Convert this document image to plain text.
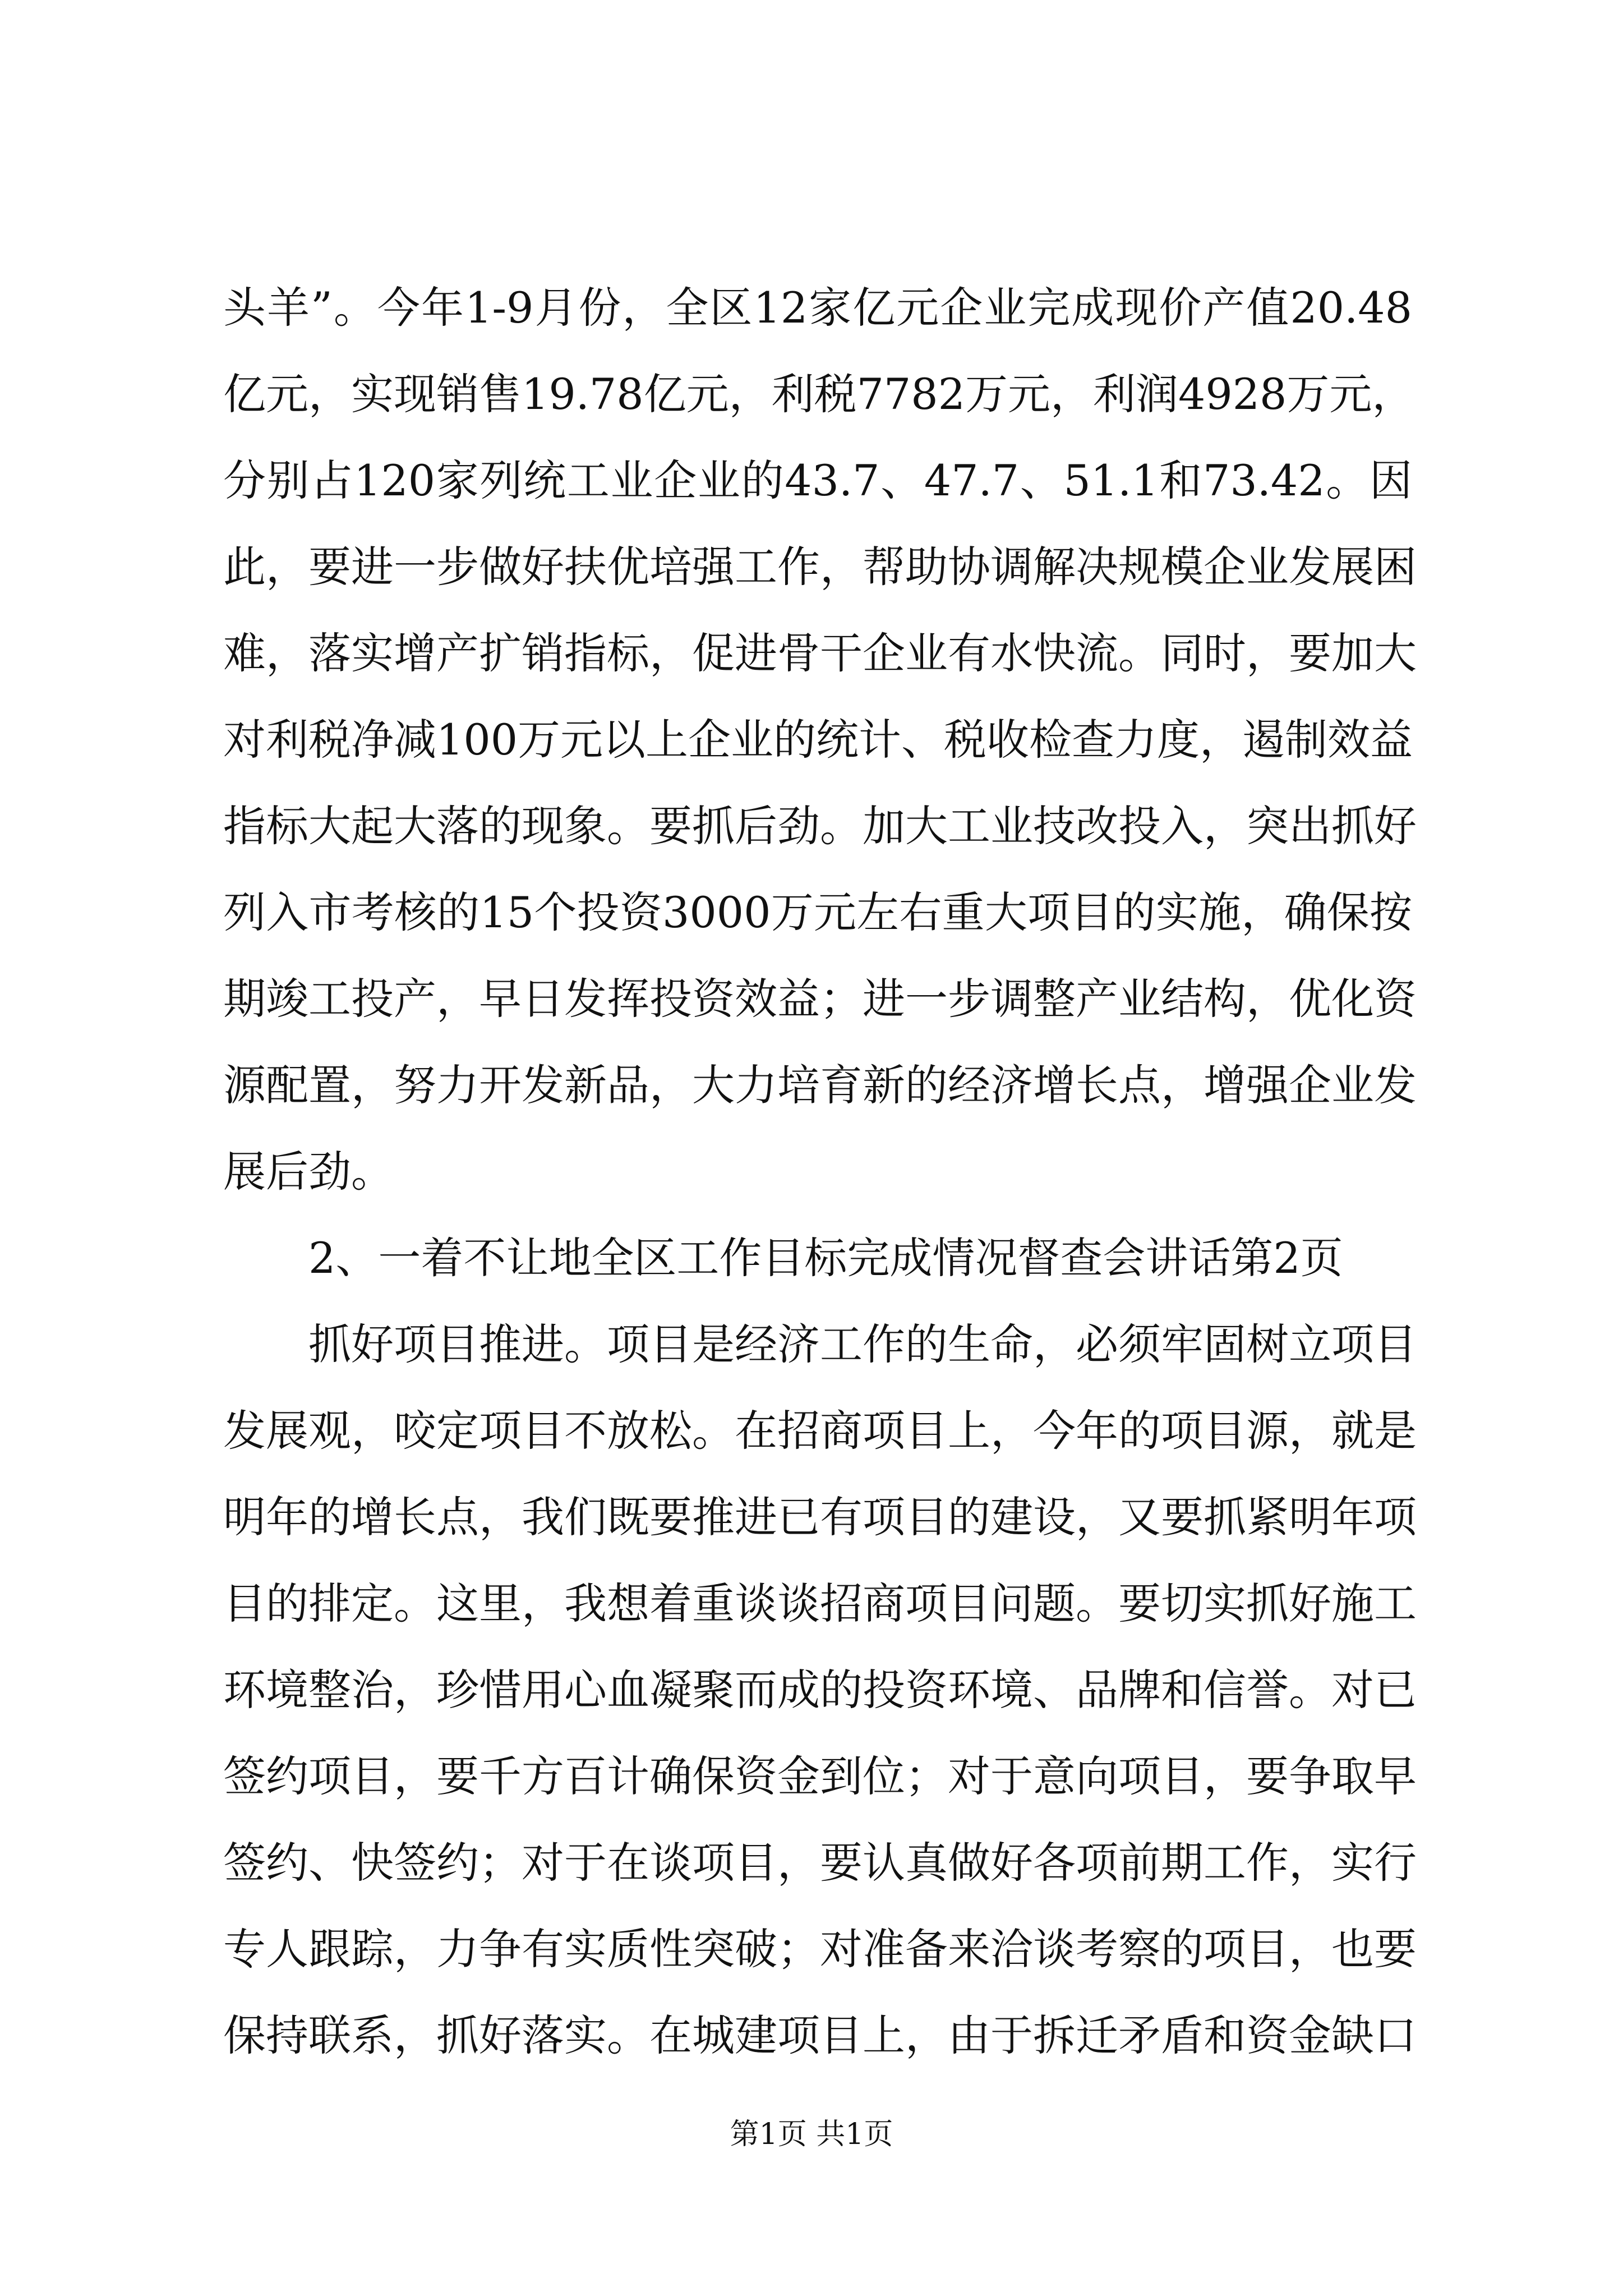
头羊”。今年1-9月份，全区12家亿元企业完成现价产值20.48
亿元，实现销售19.78亿元，利税7782万元，利润4928万元，
分别占120家列统工业企业的43.7、47.7、51.1和73.42。因
此，要进一步做好扶优培强工作，帮助协调解决规模企业发展困
难，落实增产扩销指标，促进骨干企业有水快流。同时，要加大
对利税净减100万元以上企业的统计、税收检查力度，遏制效益
指标大起大落的现象。要抓后劲。加大工业技改投入，突出抓好
列入市考核的15个投资3000万元左右重大项目的实施，确保按
期竣工投产，早日发挥投资效益；进一步调整产业结构，优化资
源配置，努力开发新品，大力培育新的经济增长点，增强企业发
展后劲。
2、一着不让地全区工作目标完成情况督查会讲话第2页
抓好项目推进。项目是经济工作的生命，必须牢固树立项目
发展观，咬定项目不放松。在招商项目上，今年的项目源，就是
明年的增长点，我们既要推进已有项目的建设，又要抓紧明年项
目的排定。这里，我想着重谈谈招商项目问题。要切实抓好施工
环境整治，珍惜用心血凝聚而成的投资环境、品牌和信誉。对已
签约项目，要千方百计确保资金到位；对于意向项目，要争取早
签约、快签约；对于在谈项目，要认真做好各项前期工作，实行
专人跟踪，力争有实质性突破；对准备来洽谈考察的项目，也要
保持联系，抓好落实。在城建项目上，由于拆迁矛盾和资金缺口
第1页 共1页
